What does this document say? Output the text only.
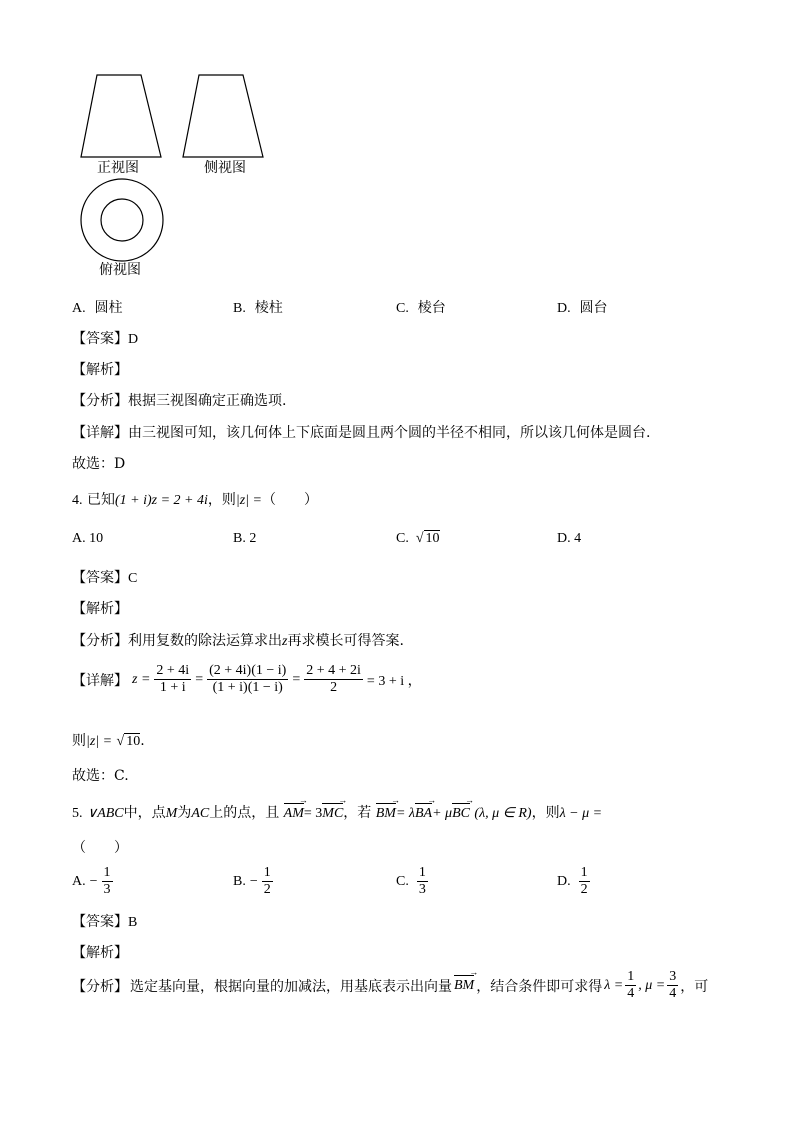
正视图	侧视图
俯视图
A. 圆柱	B. 棱柱	C. 棱台	D. 圆台
【答案】D
【解析】
【分析】根据三视图确定正确选项.
【详解】由三视图可知，该几何体上下底面是圆且两个圆的半径不相同，所以该几何体是圆台.
故选：D
4. 已知(1 + i)z = 2 + 4i，则|z| =（　　）
A. 10	B. 2	C.  √ 10	D. 4
【答案】C
【解析】
【分析】利用复数的除法运算求出z再求模长可得答案.
【详解】 $z = \frac{2 + 4i}{1 + i} = \frac{(2 + 4i)(1 - i)}{(1 + i)(1 - i)} = \frac{2 + 4 + 2i}{2} = 3 + i$ ，
则|z| = √ 10.
故选：C.
5. ∨ABC中，点M为AC上的点，且 AM →= 3MC →，若 BM →= λBA →+ μBC → (λ, μ ∈ R)，则λ − μ =
（　　）
A. − $\frac{1}{3}$	B. − $\frac{1}{2}$	C. $\frac{1}{3}$	D. $\frac{1}{2}$
【答案】B
【解析】
【分析】 选定基向量，根据向量的加减法，用基底表示出向量 BM → ，结合条件即可求得 $\lambda = \frac{1}{4}$ , $\mu = \frac{3}{4}$ ，可
